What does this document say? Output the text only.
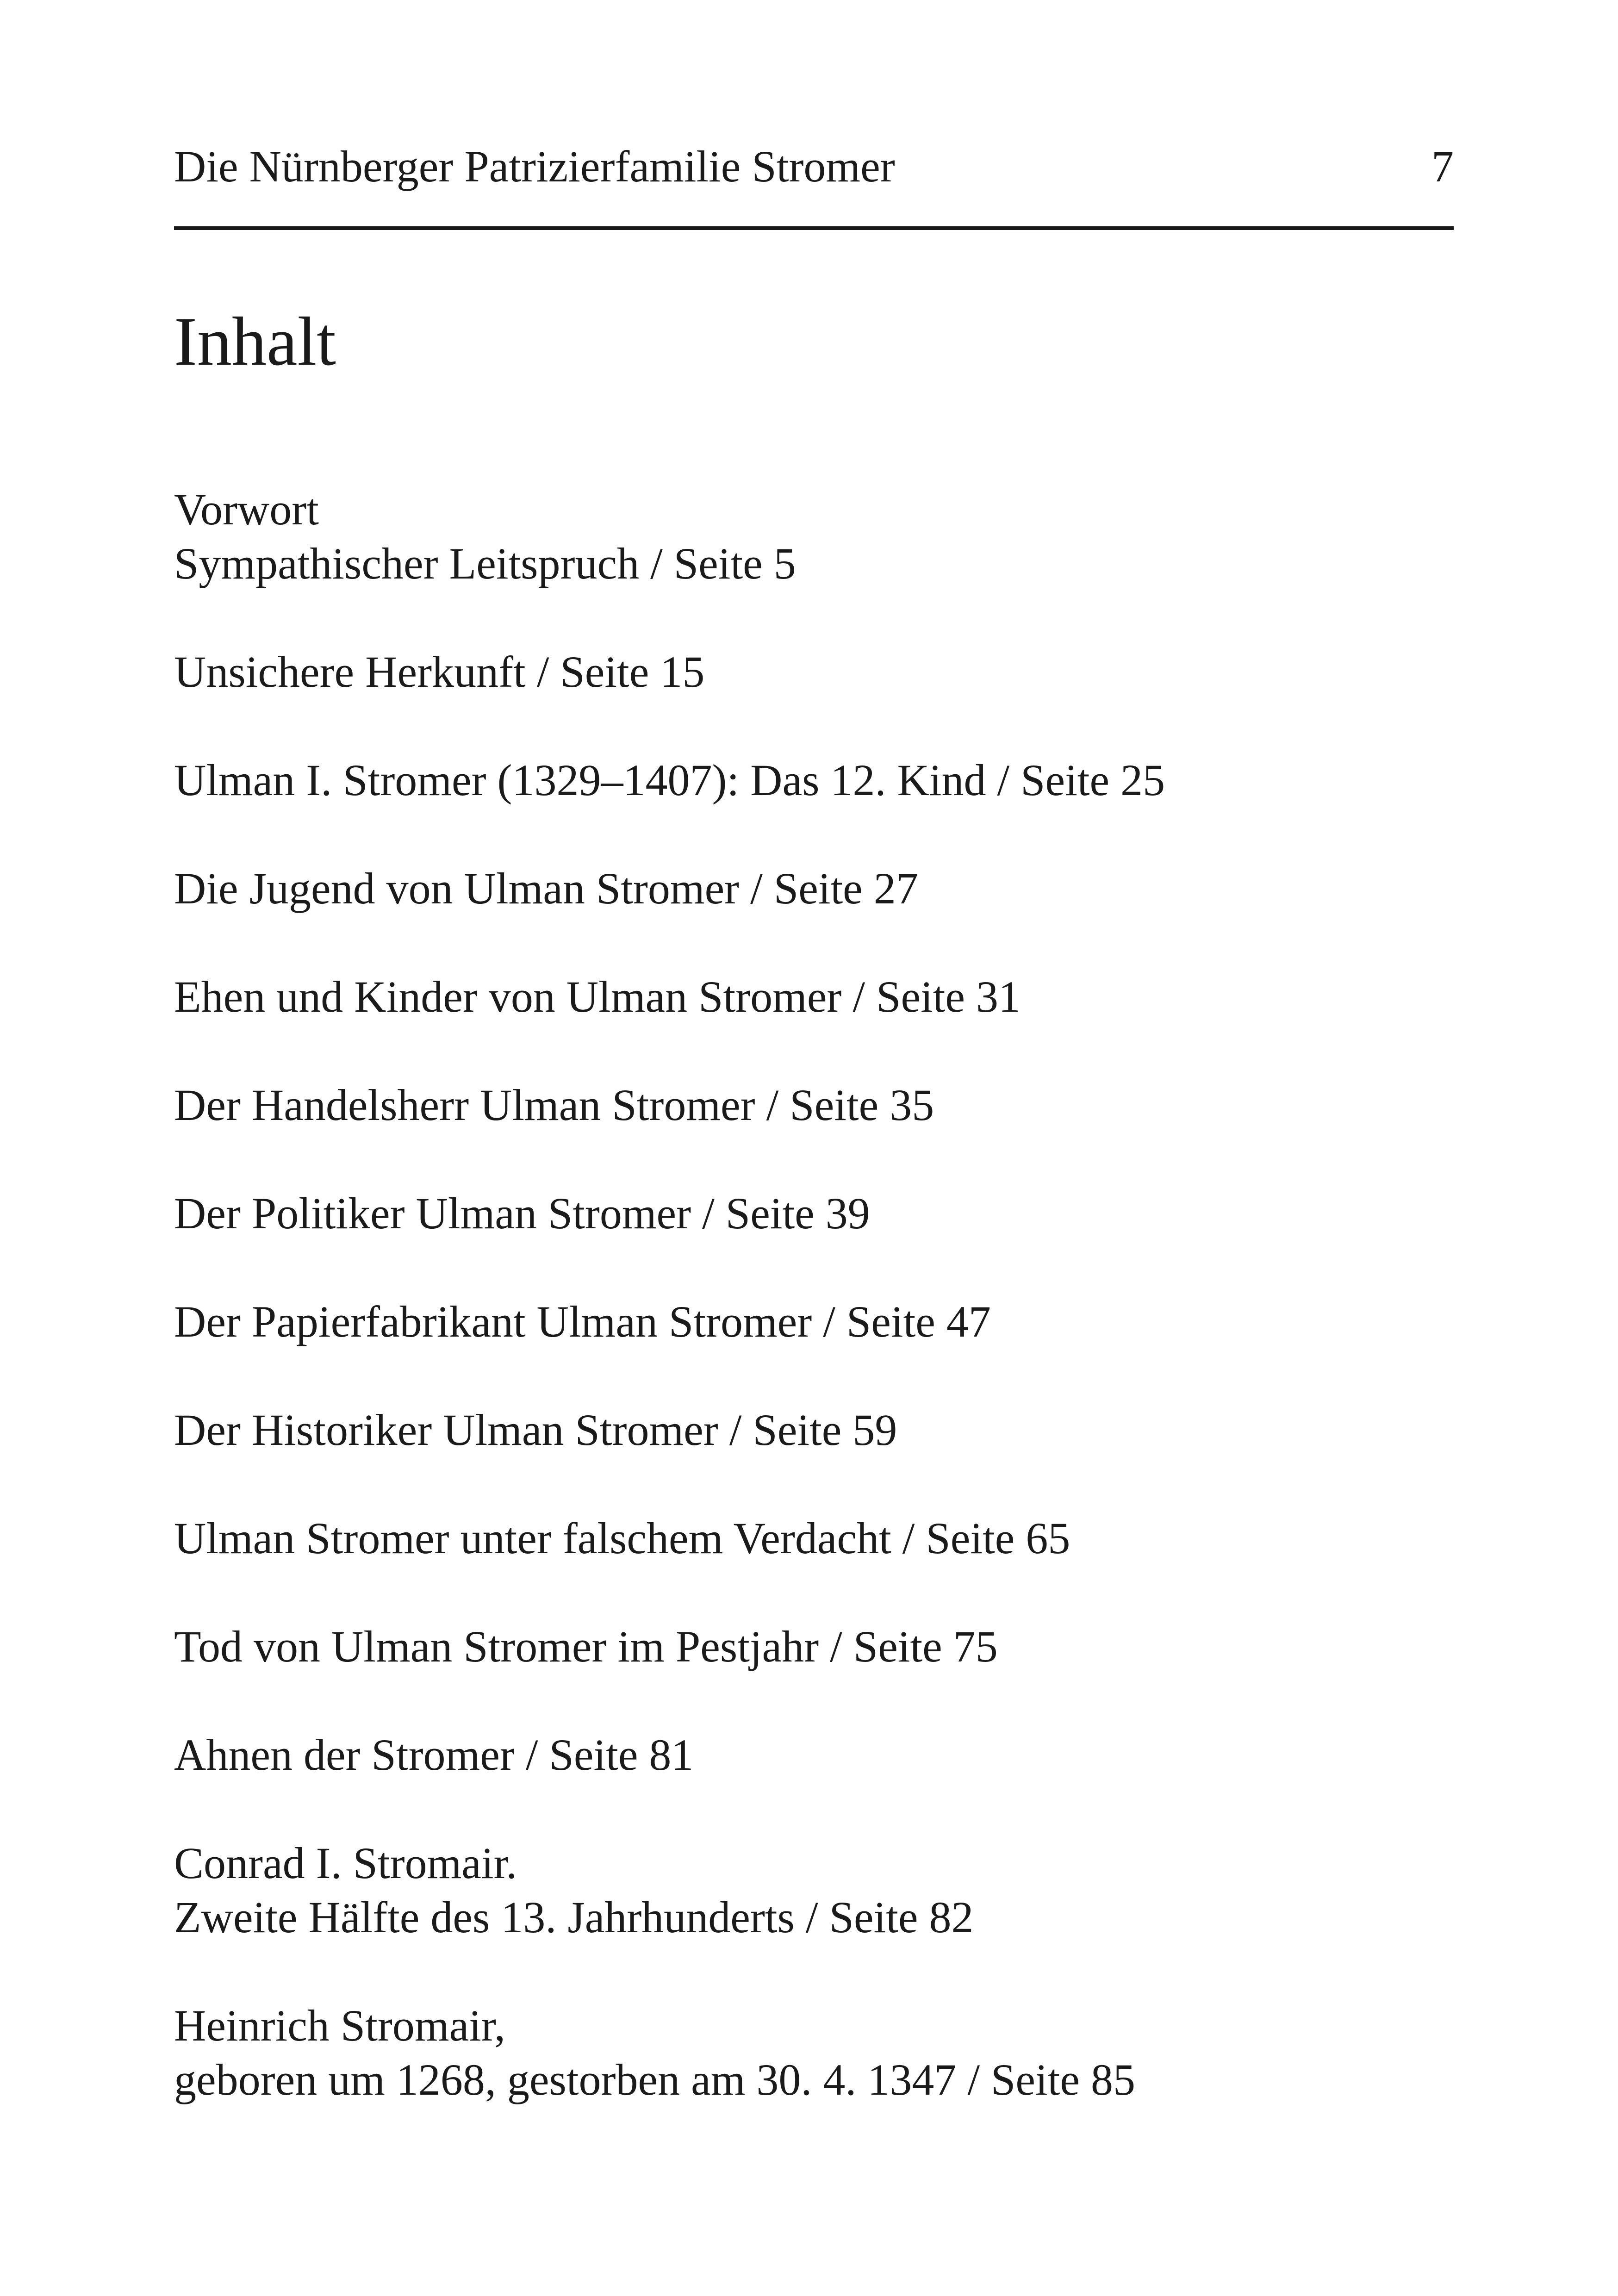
Die Nürnberger Patrizierfamilie Stromer	7
Inhalt
Vorwort
Sympathischer Leitspruch / Seite 5
Unsichere Herkunft / Seite 15
Ulman I. Stromer (1329–1407): Das 12. Kind / Seite 25
Die Jugend von Ulman Stromer / Seite 27
Ehen und Kinder von Ulman Stromer / Seite 31
Der Handelsherr Ulman Stromer / Seite 35
Der Politiker Ulman Stromer / Seite 39
Der Papierfabrikant Ulman Stromer / Seite 47
Der Historiker Ulman Stromer / Seite 59
Ulman Stromer unter falschem Verdacht / Seite 65
Tod von Ulman Stromer im Pestjahr / Seite 75
Ahnen der Stromer / Seite 81
Conrad I. Stromair.
Zweite Hälfte des 13. Jahrhunderts / Seite 82
Heinrich Stromair,
geboren um 1268, gestorben am 30. 4. 1347 / Seite 85
